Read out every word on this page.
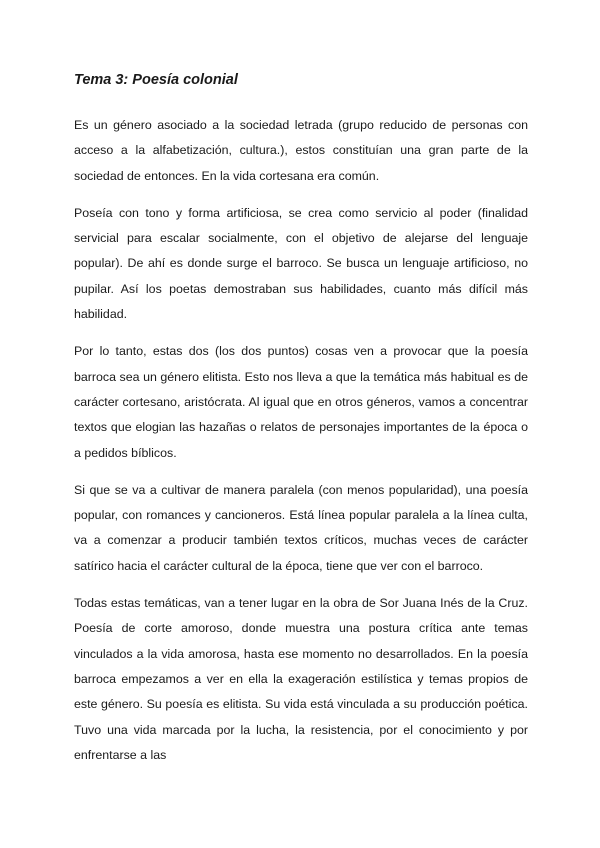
Tema 3: Poesía colonial

Es un género asociado a la sociedad letrada (grupo reducido de personas con acceso a la alfabetización, cultura.), estos constituían una gran parte de la sociedad de entonces. En la vida cortesana era común.

Poseía con tono y forma artificiosa, se crea como servicio al poder (finalidad servicial para escalar socialmente, con el objetivo de alejarse del lenguaje popular). De ahí es donde surge el barroco. Se busca un lenguaje artificioso, no pupilar. Así los poetas demostraban sus habilidades, cuanto más difícil más habilidad.

Por lo tanto, estas dos (los dos puntos) cosas ven a provocar que la poesía barroca sea un género elitista. Esto nos lleva a que la temática más habitual es de carácter cortesano, aristócrata. Al igual que en otros géneros, vamos a concentrar textos que elogian las hazañas o relatos de personajes importantes de la época o a pedidos bíblicos.

Si que se va a cultivar de manera paralela (con menos popularidad), una poesía popular, con romances y cancioneros. Está línea popular paralela a la línea culta, va a comenzar a producir también textos críticos, muchas veces de carácter satírico hacia el carácter cultural de la época, tiene que ver con el barroco.

Todas estas temáticas, van a tener lugar en la obra de Sor Juana Inés de la Cruz. Poesía de corte amoroso, donde muestra una postura crítica ante temas vinculados a la vida amorosa, hasta ese momento no desarrollados. En la poesía barroca empezamos a ver en ella la exageración estilística y temas propios de este género. Su poesía es elitista. Su vida está vinculada a su producción poética. Tuvo una vida marcada por la lucha, la resistencia, por el conocimiento y por enfrentarse a las
